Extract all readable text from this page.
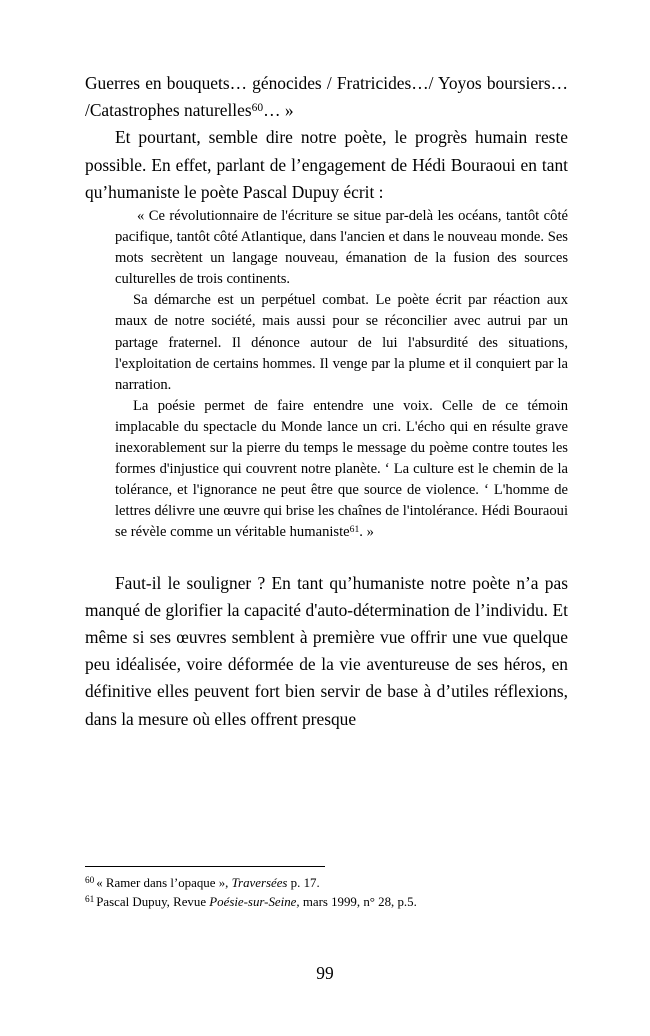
Guerres en bouquets… génocides / Fratricides…/ Yoyos boursiers… /Catastrophes naturelles$^{60}$… »

Et pourtant, semble dire notre poète, le progrès humain reste possible. En effet, parlant de l’engagement de Hédi Bouraoui en tant qu’humaniste le poète Pascal Dupuy écrit :

« Ce révolutionnaire de l'écriture se situe par-delà les océans, tantôt côté pacifique, tantôt côté Atlantique, dans l'ancien et dans le nouveau monde. Ses mots secrètent un langage nouveau, émanation de la fusion des sources culturelles de trois continents.

Sa démarche est un perpétuel combat. Le poète écrit par réaction aux maux de notre société, mais aussi pour se réconcilier avec autrui par un partage fraternel. Il dénonce autour de lui l'absurdité des situations, l'exploitation de certains hommes. Il venge par la plume et il conquiert par la narration.

La poésie permet de faire entendre une voix. Celle de ce témoin implacable du spectacle du Monde lance un cri. L'écho qui en résulte grave inexorablement sur la pierre du temps le message du poème contre toutes les formes d'injustice qui couvrent notre planète. ‘ La culture est le chemin de la tolérance, et l'ignorance ne peut être que source de violence. ‘ L'homme de lettres délivre une œuvre qui brise les chaînes de l'intolérance. Hédi Bouraoui se révèle comme un véritable humaniste$^{61}$. »

Faut-il le souligner ? En tant qu’humaniste notre poète n’a pas manqué de glorifier la capacité d'auto-détermination de l’individu. Et même si ses œuvres semblent à première vue offrir une vue quelque peu idéalisée, voire déformée de la vie aventureuse de ses héros, en définitive elles peuvent fort bien servir de base à d’utiles réflexions, dans la mesure où elles offrent presque

$^{60}$ « Ramer dans l’opaque », Traversées p. 17.

$^{61}$ Pascal Dupuy, Revue Poésie-sur-Seine, mars 1999, n° 28, p.5.

99
